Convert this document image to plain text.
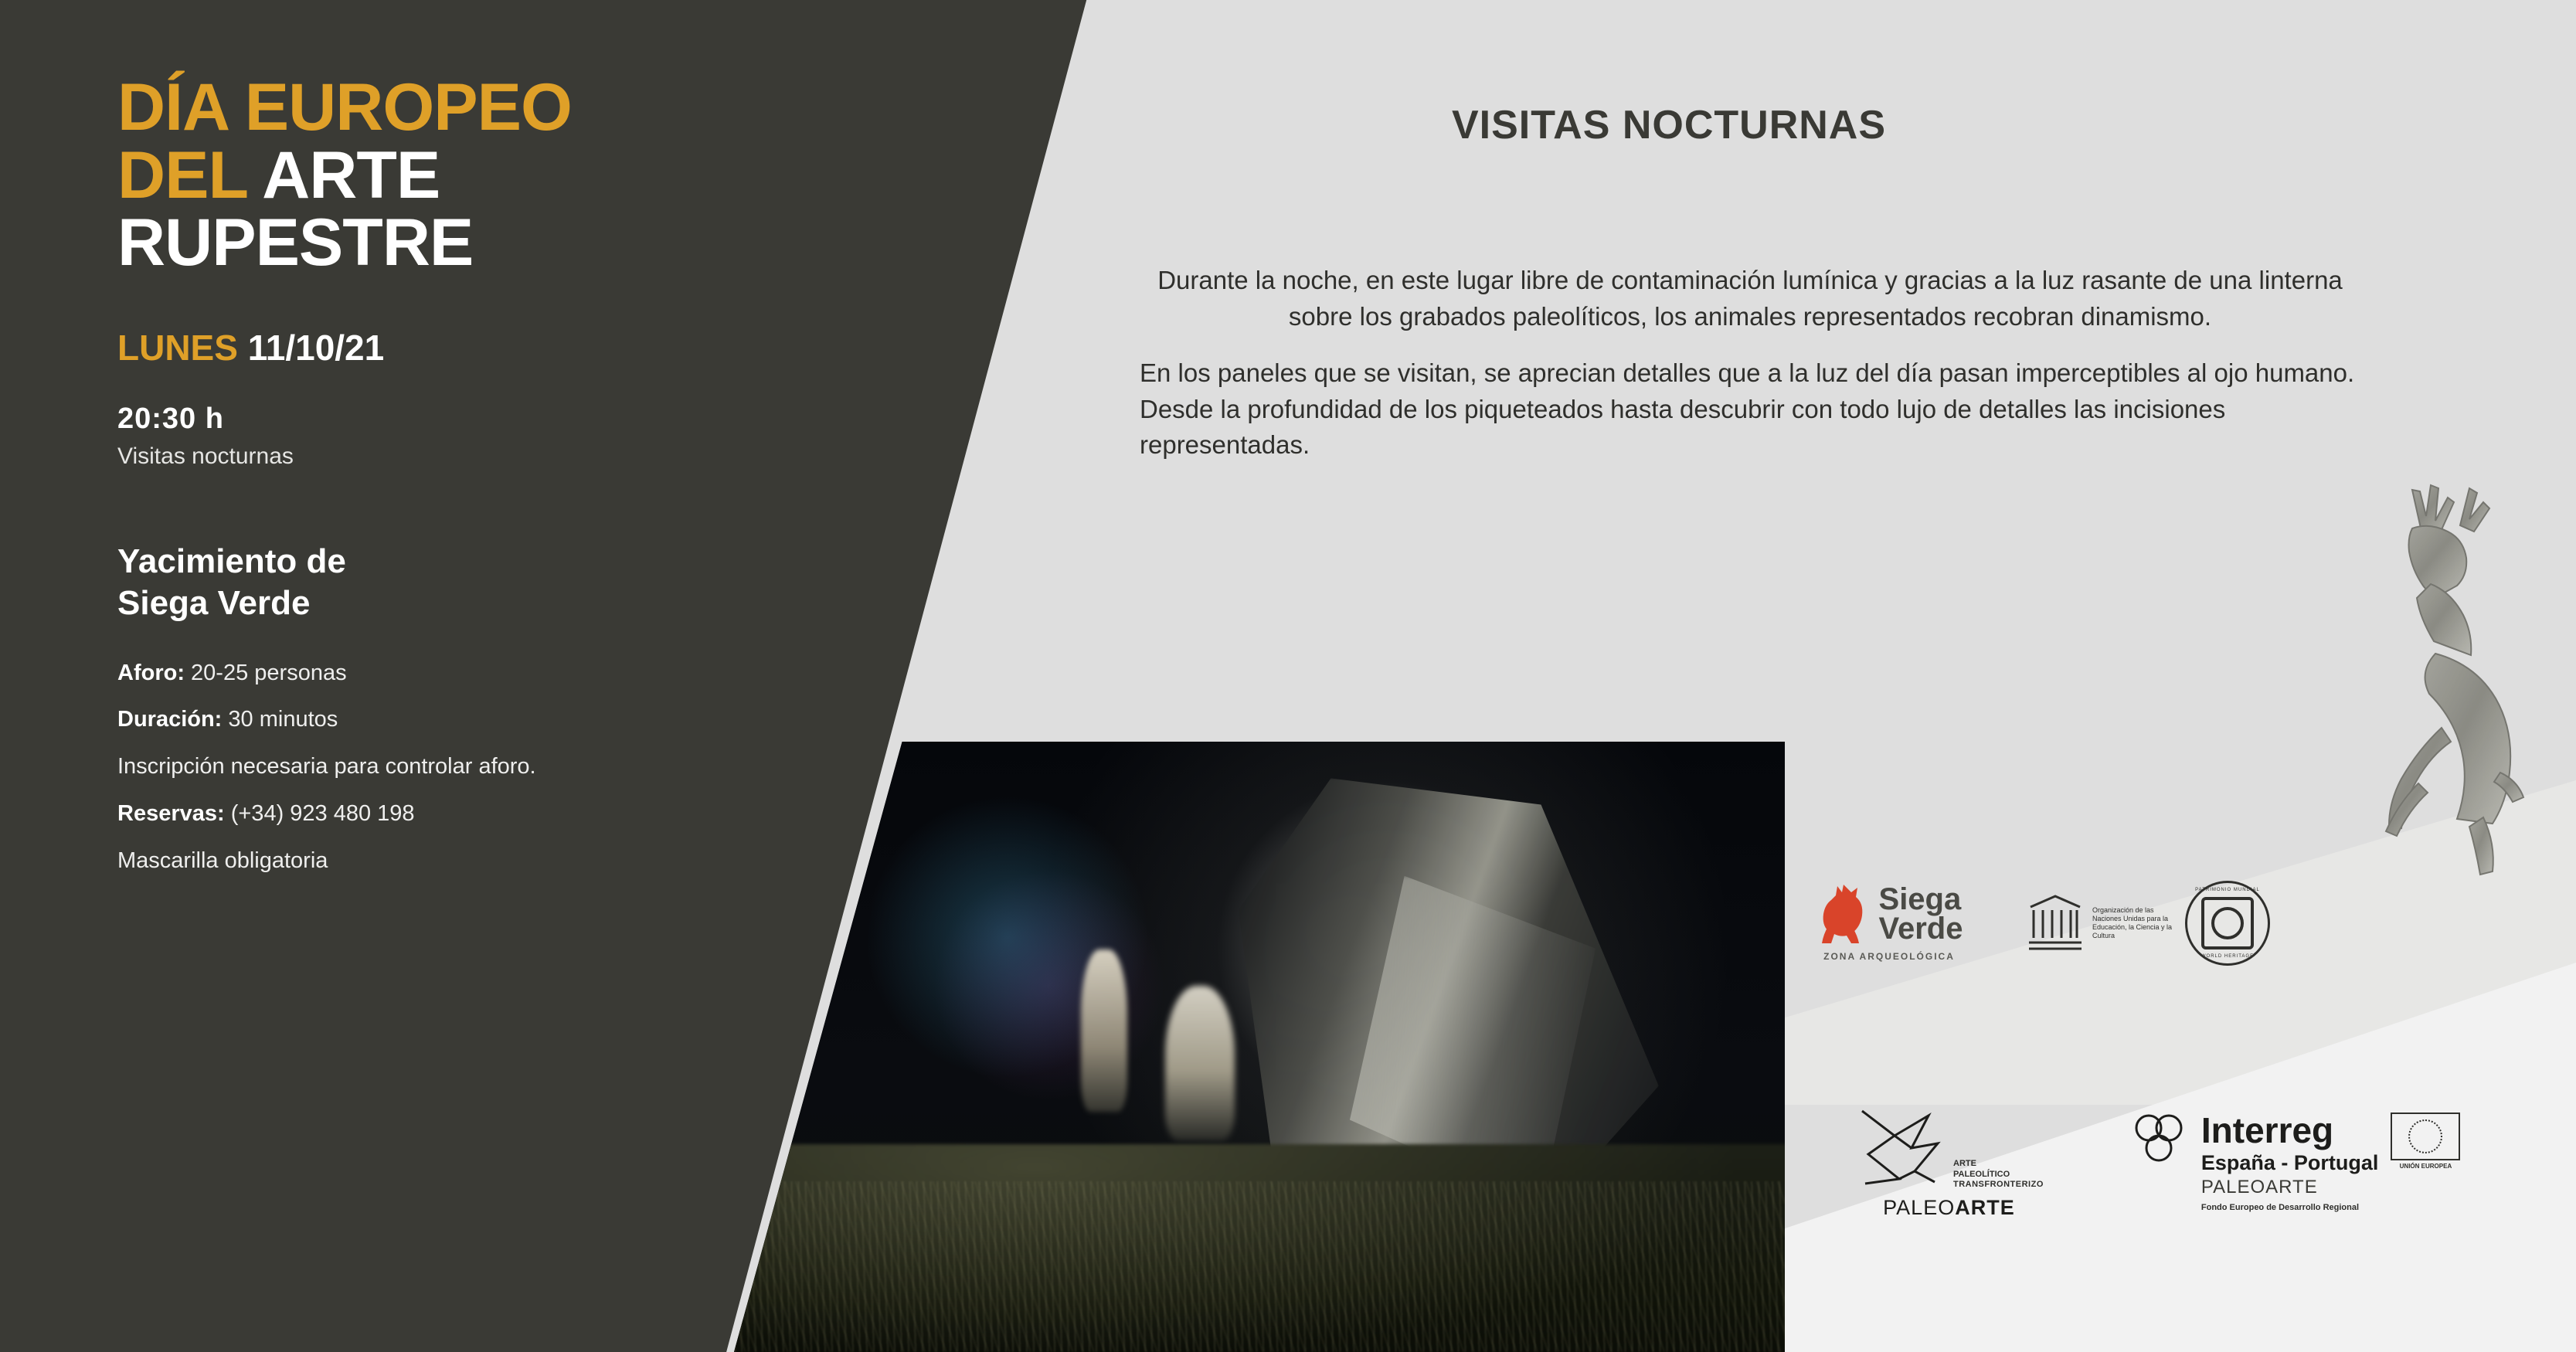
DÍA EUROPEO
DEL ARTE
RUPESTRE
LUNES 11/10/21
20:30 h
Visitas nocturnas
Yacimiento de
Siega Verde
Aforo: 20-25 personas
Duración: 30 minutos
Inscripción necesaria para controlar aforo.
Reservas: (+34) 923 480 198
Mascarilla obligatoria
VISITAS NOCTURNAS

Durante la noche, en este lugar libre de contaminación lumínica y gracias a la luz rasante de una linterna sobre los grabados paleolíticos, los animales representados recobran dinamismo.

En los paneles que se visitan, se aprecian detalles que a la luz del día pasan imperceptibles al ojo humano. Desde la profundidad de los piqueteados hasta descubrir con todo lujo de detalles las incisiones representadas.

Siega
Verde
ZONA ARQUEOLÓGICA
Organización de las Naciones Unidas para la Educación, la Ciencia y la Cultura
PATRIMONIO MUNDIAL
WORLD HERITAGE
ARTE
PALEOLÍTICO
TRANSFRONTERIZO
PALEOARTE
Interreg
España - Portugal
PALEOARTE
Fondo Europeo de Desarrollo Regional
UNIÓN EUROPEA
